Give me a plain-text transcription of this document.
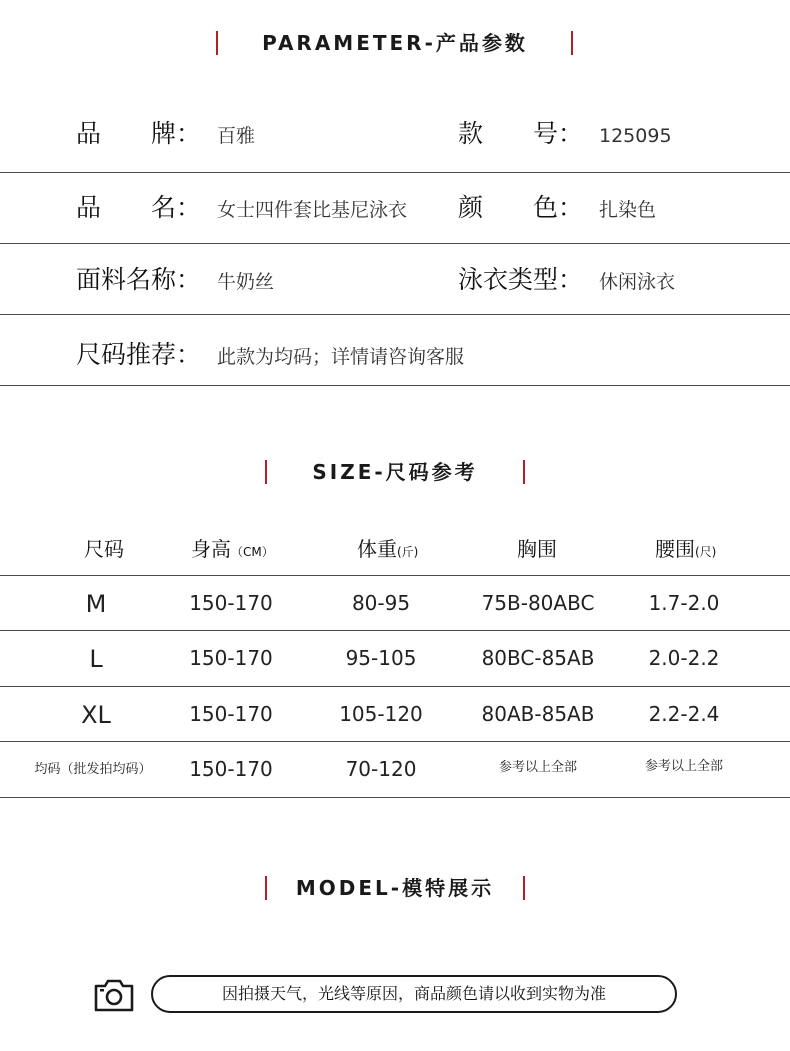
PARAMETER-产品参数
品　　牌： 百雅	款　　号： 125095
品　　名： 女士四件套比基尼泳衣 颜　　色： 扎染色
面料名称： 牛奶丝	泳衣类型： 休闲泳衣
尺码推荐： 此款为均码；详情请咨询客服
SIZE-尺码参考
尺码	身高（CM）	体重(斤)	胸围	腰围(尺)
M	150-170	80-95	75B-80ABC	1.7-2.0
L	150-170	95-105	80BC-85AB	2.0-2.2
XL	150-170	105-120	80AB-85AB	2.2-2.4
均码（批发拍均码）	150-170	70-120	参考以上全部	参考以上全部
MODEL-模特展示
因拍摄天气，光线等原因，商品颜色请以收到实物为准
